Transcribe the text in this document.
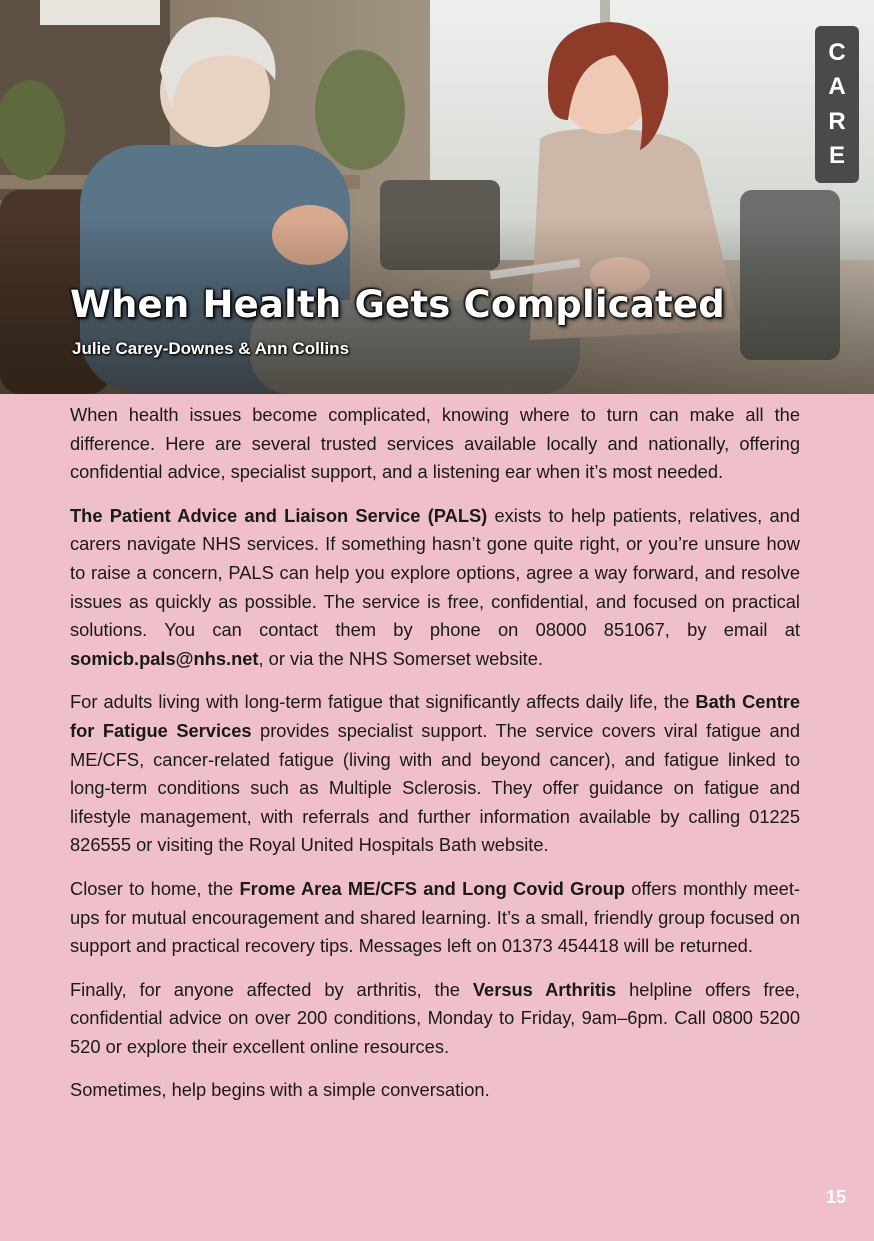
When Health Gets Complicated
Julie Carey-Downes & Ann Collins
C
A
R
E

When health issues become complicated, knowing where to turn can make all the difference. Here are several trusted services available locally and nationally, offering confidential advice, specialist support, and a listening ear when it’s most needed.

The Patient Advice and Liaison Service (PALS) exists to help patients, relatives, and carers navigate NHS services. If something hasn’t gone quite right, or you’re unsure how to raise a concern, PALS can help you explore options, agree a way forward, and resolve issues as quickly as possible. The service is free, confidential, and focused on practical solutions. You can contact them by phone on 08000 851067, by email at somicb.pals@nhs.net, or via the NHS Somerset website.

For adults living with long-term fatigue that significantly affects daily life, the Bath Centre for Fatigue Services provides specialist support. The service covers viral fatigue and ME/CFS, cancer-related fatigue (living with and beyond cancer), and fatigue linked to long-term conditions such as Multiple Sclerosis. They offer guidance on fatigue and lifestyle management, with referrals and further information available by calling 01225 826555 or visiting the Royal United Hospitals Bath website.

Closer to home, the Frome Area ME/CFS and Long Covid Group offers monthly meet-ups for mutual encouragement and shared learning. It’s a small, friendly group focused on support and practical recovery tips. Messages left on 01373 454418 will be returned.

Finally, for anyone affected by arthritis, the Versus Arthritis helpline offers free, confidential advice on over 200 conditions, Monday to Friday, 9am–6pm. Call 0800 5200 520 or explore their excellent online resources.

Sometimes, help begins with a simple conversation.

15
